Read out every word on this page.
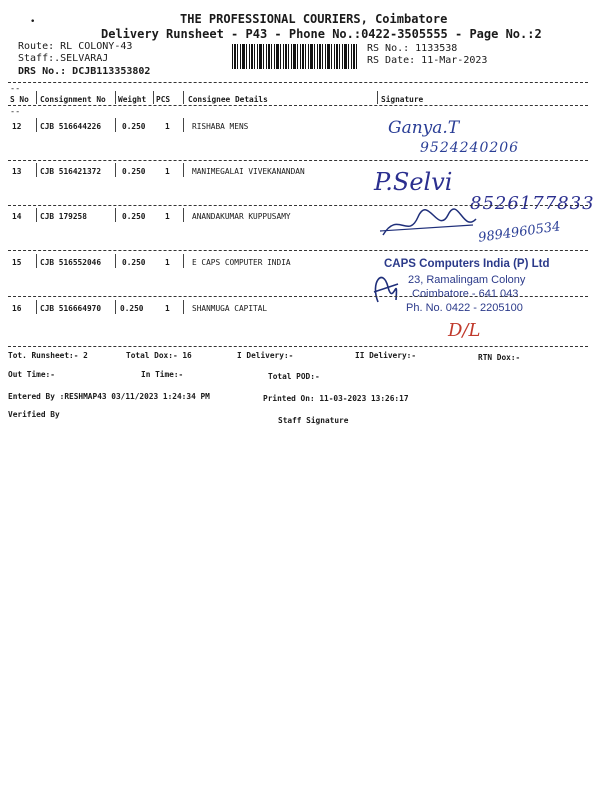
•	THE PROFESSIONAL COURIERS, Coimbatore
Delivery Runsheet - P43 - Phone No.:0422-3505555 - Page No.:2
Route: RL COLONY-43
Staff:.SELVARAJ
DRS No.: DCJB113353802
RS No.: 1133538
RS Date: 11-Mar-2023
--
S No Consignment No Weight PCS Consignee Details	Signature
--
12 CJB 516644226	0.250	1	RISHABA MENS	Ganya.T
9524240206
13 CJB 516421372	0.250	1	MANIMEGALAI VIVEKANANDAN	P.Selvi
8526177833
14 CJB 179258	0.250	1	ANANDAKUMAR KUPPUSAMY
9894960534
15 CJB 516552046	0.250	1	E CAPS COMPUTER INDIA	CAPS Computers India (P) Ltd
23, Ramalingam Colony
Coimbatore - 641 043
Ph. No. 0422 - 2205100
16 CJB 516664970 0.250	1	SHANMUGA CAPITAL
D/L
Tot. Runsheet:- 2	Total Dox:- 16	I Delivery:-	II Delivery:-	RTN Dox:-
Out Time:-	In Time:-	Total POD:-
Entered By :RESHMAP43 03/11/2023 1:24:34 PM	Printed On: 11-03-2023 13:26:17
Verified By
Staff Signature
